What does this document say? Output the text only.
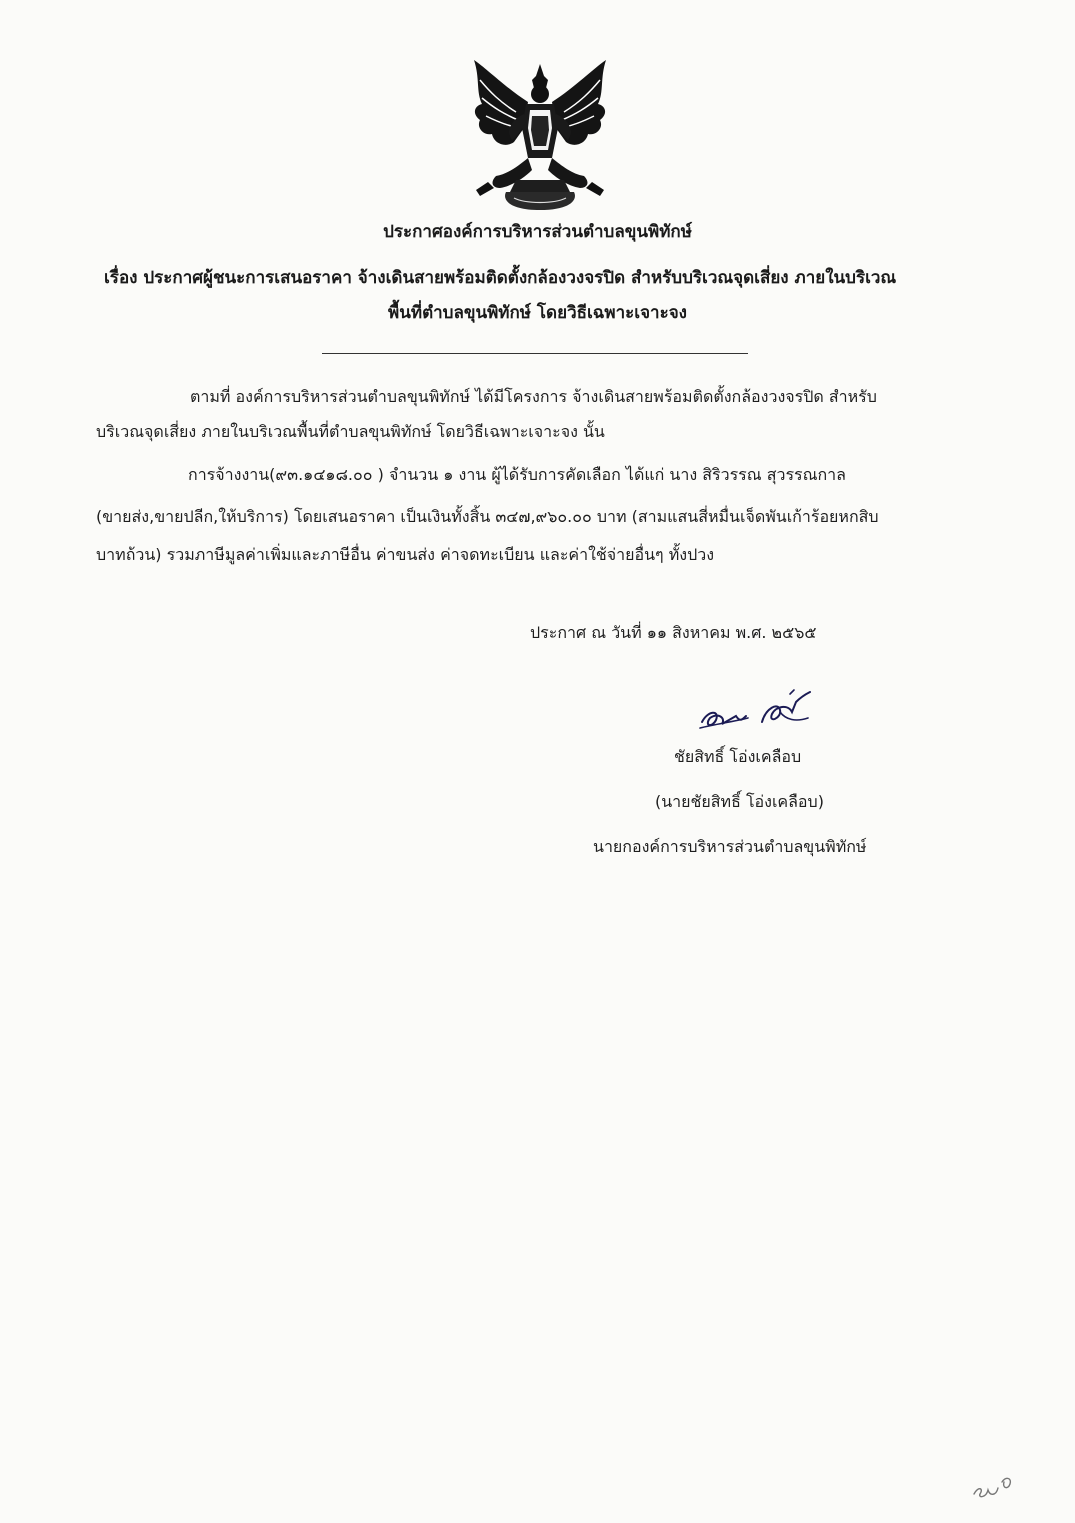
ประกาศองค์การบริหารส่วนตำบลขุนพิทักษ์
เรื่อง ประกาศผู้ชนะการเสนอราคา จ้างเดินสายพร้อมติดตั้งกล้องวงจรปิด สำหรับบริเวณจุดเสี่ยง ภายในบริเวณ
พื้นที่ตำบลขุนพิทักษ์ โดยวิธีเฉพาะเจาะจง
ตามที่ องค์การบริหารส่วนตำบลขุนพิทักษ์ ได้มีโครงการ จ้างเดินสายพร้อมติดตั้งกล้องวงจรปิด สำหรับ
บริเวณจุดเสี่ยง ภายในบริเวณพื้นที่ตำบลขุนพิทักษ์ โดยวิธีเฉพาะเจาะจง นั้น
การจ้างงาน(๙๓.๑๔๑๘.๐๐ ) จำนวน ๑ งาน ผู้ได้รับการคัดเลือก ได้แก่ นาง สิริวรรณ สุวรรณกาล
(ขายส่ง,ขายปลีก,ให้บริการ) โดยเสนอราคา เป็นเงินทั้งสิ้น ๓๔๗,๙๖๐.๐๐ บาท (สามแสนสี่หมื่นเจ็ดพันเก้าร้อยหกสิบ
บาทถ้วน) รวมภาษีมูลค่าเพิ่มและภาษีอื่น ค่าขนส่ง ค่าจดทะเบียน และค่าใช้จ่ายอื่นๆ ทั้งปวง
ประกาศ ณ วันที่ ๑๑ สิงหาคม พ.ศ. ๒๕๖๕
ชัยสิทธิ์ โอ่งเคลือบ
(นายชัยสิทธิ์ โอ่งเคลือบ)
นายกองค์การบริหารส่วนตำบลขุนพิทักษ์
